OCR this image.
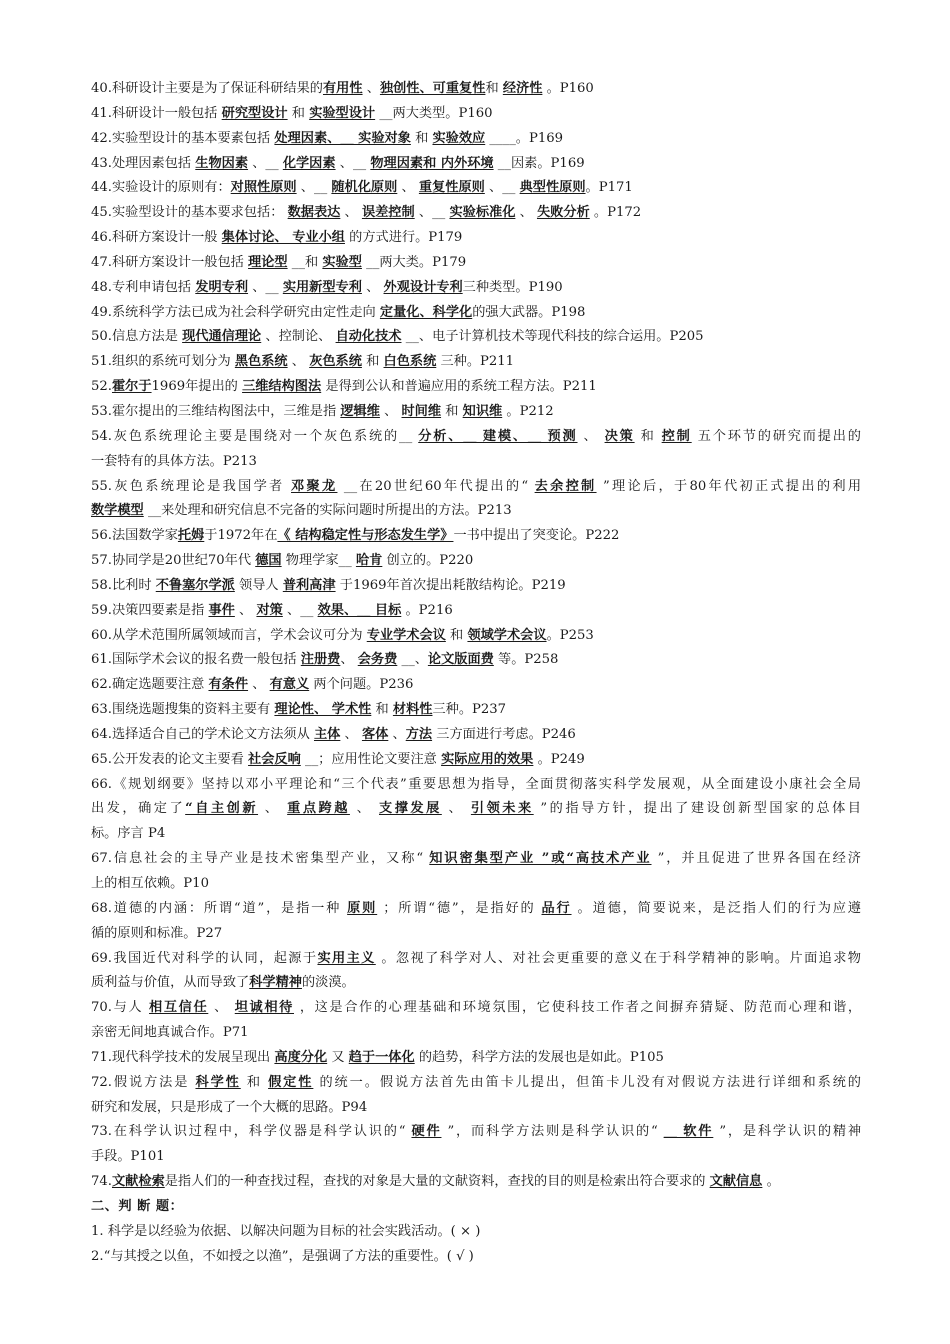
40.科研设计主要是为了保证科研结果的有用性 、独创性、可重复性和 经济性 。P160
41.科研设计一般包括 研究型设计 和 实验型设计 __两大类型。P160
42.实验型设计的基本要素包括 处理因素、__ 实验对象 和 实验效应 ____。P169
43.处理因素包括 生物因素 、__ 化学因素 、__ 物理因素和 内外环境 __因素。P169
44.实验设计的原则有：对照性原则 、__ 随机化原则 、 重复性原则 、__ 典型性原则。P171
45.实验型设计的基本要求包括： 数据表达 、 误差控制 、__ 实验标准化 、 失败分析 。P172
46.科研方案设计一般 集体讨论、 专业小组 的方式进行。P179
47.科研方案设计一般包括 理论型 __和 实验型 __两大类。P179
48.专利申请包括 发明专利 、__ 实用新型专利 、 外观设计专利三种类型。P190
49.系统科学方法已成为社会科学研究由定性走向 定量化、科学化的强大武器。P198
50.信息方法是 现代通信理论 、控制论、 自动化技术 __、电子计算机技术等现代科技的综合运用。P205
51.组织的系统可划分为 黑色系统 、 灰色系统 和 白色系统 三种。P211
52.霍尔于1969年提出的 三维结构图法 是得到公认和普遍应用的系统工程方法。P211
53.霍尔提出的三维结构图法中，三维是指 逻辑维 、 时间维 和 知识维 。P212
54.灰色系统理论主要是围绕对一个灰色系统的__ 分析、__ 建模、__ 预测 、 决策 和 控制 五个环节的研究而提出的
一套特有的具体方法。P213
55.灰色系统理论是我国学者 邓聚龙 __在20世纪60年代提出的“ 去余控制 ”理论后，于80年代初正式提出的利用
数学模型 __来处理和研究信息不完备的实际问题时所提出的方法。P213
56.法国数学家托姆于1972年在《 结构稳定性与形态发生学》一书中提出了突变论。P222
57.协同学是20世纪70年代 德国 物理学家__ 哈肯 创立的。P220
58.比利时 不鲁塞尔学派 领导人 普利高津 于1969年首次提出耗散结构论。P219
59.决策四要素是指 事件 、 对策 、__ 效果、__ 目标 。P216
60.从学术范围所属领域而言，学术会议可分为 专业学术会议 和 领域学术会议。P253
61.国际学术会议的报名费一般包括 注册费、 会务费 __、论文版面费 等。P258
62.确定选题要注意 有条件 、 有意义 两个问题。P236
63.围绕选题搜集的资料主要有 理论性、 学术性 和 材料性三种。P237
64.选择适合自己的学术论文方法须从 主体 、 客体 、方法 三方面进行考虑。P246
65.公开发表的论文主要看 社会反响 __；应用性论文要注意 实际应用的效果 。P249
66.《规划纲要》坚持以邓小平理论和“三个代表”重要思想为指导，全面贯彻落实科学发展观，从全面建设小康社会全局
出发，确定了“自主创新 、 重点跨越 、 支撑发展 、 引领未来 ”的指导方针，提出了建设创新型国家的总体目
标。序言 P4
67.信息社会的主导产业是技术密集型产业，又称“ 知识密集型产业 ”或“高技术产业 ”，并且促进了世界各国在经济
上的相互依赖。P10
68.道德的内涵：所谓“道”，是指一种 原则 ；所谓“德”，是指好的 品行 。道德，简要说来，是泛指人们的行为应遵
循的原则和标准。P27
69.我国近代对科学的认同，起源于实用主义 。忽视了科学对人、对社会更重要的意义在于科学精神的影响。片面追求物
质利益与价值，从而导致了科学精神的淡漠。
70.与人 相互信任 、 坦诚相待 ，这是合作的心理基础和环境氛围，它使科技工作者之间摒弃猜疑、防范而心理和谐，
亲密无间地真诚合作。P71
71.现代科学技术的发展呈现出 高度分化 又 趋于一体化 的趋势，科学方法的发展也是如此。P105
72.假说方法是 科学性 和 假定性 的统一。假说方法首先由笛卡儿提出，但笛卡儿没有对假说方法进行详细和系统的
研究和发展，只是形成了一个大概的思路。P94
73.在科学认识过程中，科学仪器是科学认识的“ 硬件 ”，而科学方法则是科学认识的“ __ 软件 ”，是科学认识的精神
手段。P101
74.文献检索是指人们的一种查找过程，查找的对象是大量的文献资料，查找的目的则是检索出符合要求的 文献信息 。
二、判 断 题：
1. 科学是以经验为依据、以解决问题为目标的社会实践活动。( × )
2.“与其授之以鱼，不如授之以渔”，是强调了方法的重要性。( √ )
